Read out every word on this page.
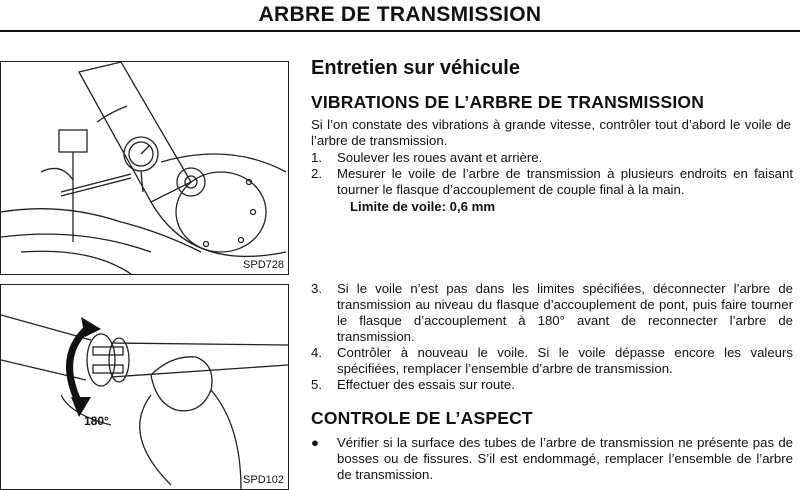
ARBRE DE TRANSMISSION
SPD728
180°
SPD102
Entretien sur véhicule
VIBRATIONS DE L’ARBRE DE TRANSMISSION
Si l’on constate des vibrations à grande vitesse, contrôler tout d’abord le voile de l’arbre de transmission.
1. Soulever les roues avant et arrière.
2. Mesurer le voile de l’arbre de transmission à plusieurs endroits en faisant tourner le flasque d’accouplement de couple final à la main.
Limite de voile: 0,6 mm
3. Si le voile n’est pas dans les limites spécifiées, déconnecter l’arbre de transmission au niveau du flasque d’accouplement de pont, puis faire tourner le flasque d’accouplement à 180° avant de reconnecter l’arbre de transmission.
4. Contrôler à nouveau le voile. Si le voile dépasse encore les valeurs spécifiées, remplacer l’ensemble d’arbre de transmission.
5. Effectuer des essais sur route.
CONTROLE DE L’ASPECT
● Vérifier si la surface des tubes de l’arbre de transmission ne présente pas de bosses ou de fissures. S’il est endommagé, remplacer l’ensemble de l’arbre de transmission.
